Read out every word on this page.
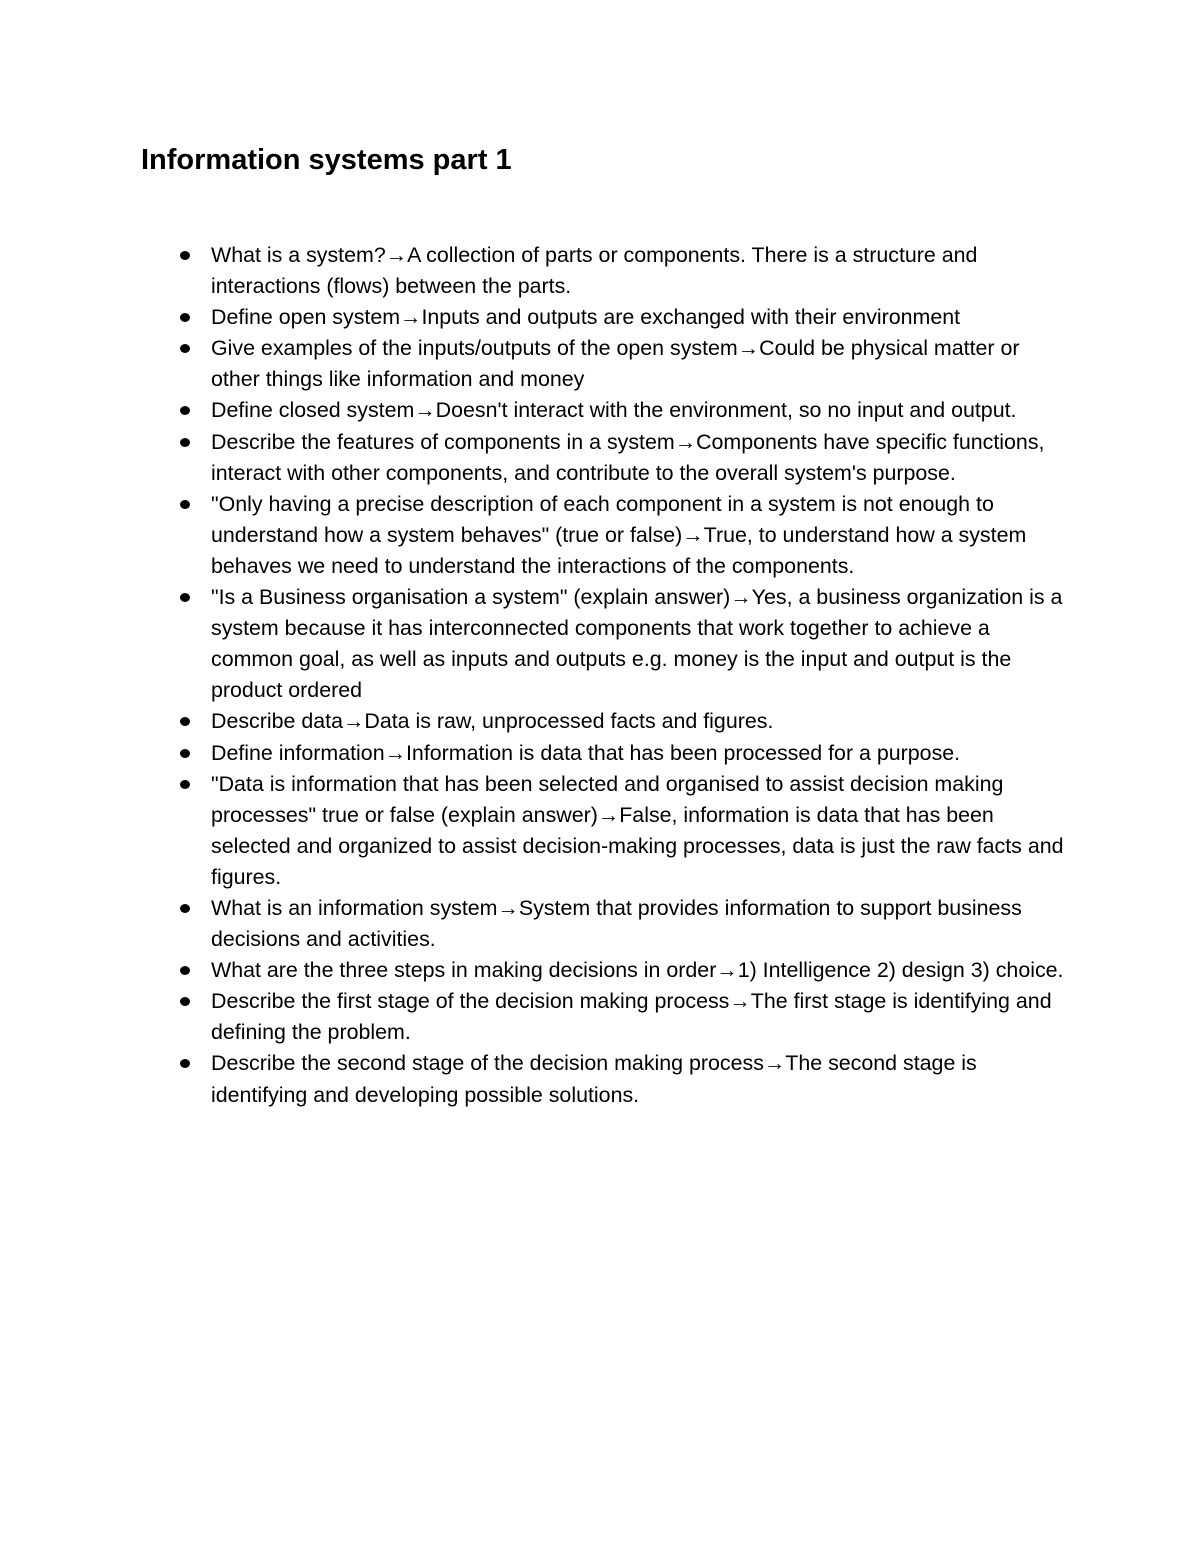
Information systems part 1
What is a system?→A collection of parts or components. There is a structure and interactions (flows) between the parts.
Define open system→Inputs and outputs are exchanged with their environment
Give examples of the inputs/outputs of the open system→Could be physical matter or other things like information and money
Define closed system→Doesn't interact with the environment, so no input and output.
Describe the features of components in a system→Components have specific functions, interact with other components, and contribute to the overall system's purpose.
"Only having a precise description of each component in a system is not enough to understand how a system behaves" (true or false)→True, to understand how a system behaves we need to understand the interactions of the components.
"Is a Business organisation a system" (explain answer)→Yes, a business organization is a system because it has interconnected components that work together to achieve a common goal, as well as inputs and outputs e.g. money is the input and output is the product ordered
Describe data→Data is raw, unprocessed facts and figures.
Define information→Information is data that has been processed for a purpose.
"Data is information that has been selected and organised to assist decision making processes" true or false (explain answer)→False, information is data that has been selected and organized to assist decision-making processes, data is just the raw facts and figures.
What is an information system→System that provides information to support business decisions and activities.
What are the three steps in making decisions in order→1) Intelligence 2) design 3) choice.
Describe the first stage of the decision making process→The first stage is identifying and defining the problem.
Describe the second stage of the decision making process→The second stage is identifying and developing possible solutions.
